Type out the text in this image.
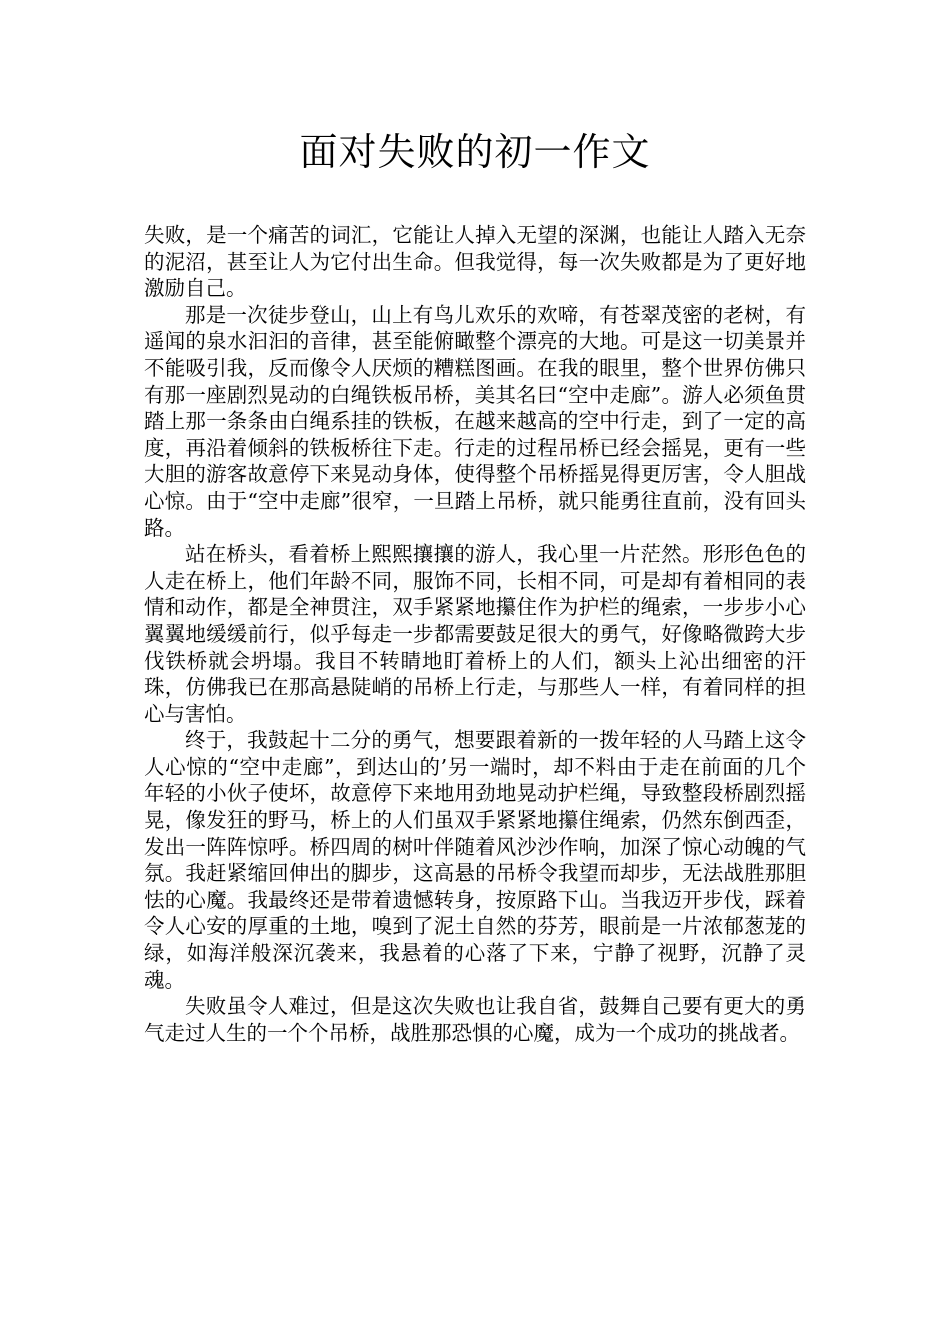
面对失败的初一作文

失败，是一个痛苦的词汇，它能让人掉入无望的深渊，也能让人踏入无奈的泥沼，甚至让人为它付出生命。但我觉得，每一次失败都是为了更好地激励自己。

那是一次徒步登山，山上有鸟儿欢乐的欢啼，有苍翠茂密的老树，有遥闻的泉水汩汩的音律，甚至能俯瞰整个漂亮的大地。可是这一切美景并不能吸引我，反而像令人厌烦的糟糕图画。在我的眼里，整个世界仿佛只有那一座剧烈晃动的白绳铁板吊桥，美其名曰“空中走廊”。游人必须鱼贯踏上那一条条由白绳系挂的铁板，在越来越高的空中行走，到了一定的高度，再沿着倾斜的铁板桥往下走。行走的过程吊桥已经会摇晃，更有一些大胆的游客故意停下来晃动身体，使得整个吊桥摇晃得更厉害，令人胆战心惊。由于“空中走廊”很窄，一旦踏上吊桥，就只能勇往直前，没有回头路。

站在桥头，看着桥上熙熙攘攘的游人，我心里一片茫然。形形色色的人走在桥上，他们年龄不同，服饰不同，长相不同，可是却有着相同的表情和动作，都是全神贯注，双手紧紧地攥住作为护栏的绳索，一步步小心翼翼地缓缓前行，似乎每走一步都需要鼓足很大的勇气，好像略微跨大步伐铁桥就会坍塌。我目不转睛地盯着桥上的人们，额头上沁出细密的汗珠，仿佛我已在那高悬陡峭的吊桥上行走，与那些人一样，有着同样的担心与害怕。

终于，我鼓起十二分的勇气，想要跟着新的一拨年轻的人马踏上这令人心惊的“空中走廊”，到达山的’另一端时，却不料由于走在前面的几个年轻的小伙子使坏，故意停下来地用劲地晃动护栏绳，导致整段桥剧烈摇晃，像发狂的野马，桥上的人们虽双手紧紧地攥住绳索，仍然东倒西歪，发出一阵阵惊呼。桥四周的树叶伴随着风沙沙作响，加深了惊心动魄的气氛。我赶紧缩回伸出的脚步，这高悬的吊桥令我望而却步，无法战胜那胆怯的心魔。我最终还是带着遗憾转身，按原路下山。当我迈开步伐，踩着令人心安的厚重的土地，嗅到了泥土自然的芬芳，眼前是一片浓郁葱茏的绿，如海洋般深沉袭来，我悬着的心落了下来，宁静了视野，沉静了灵魂。

失败虽令人难过，但是这次失败也让我自省，鼓舞自己要有更大的勇气走过人生的一个个吊桥，战胜那恐惧的心魔，成为一个成功的挑战者。
